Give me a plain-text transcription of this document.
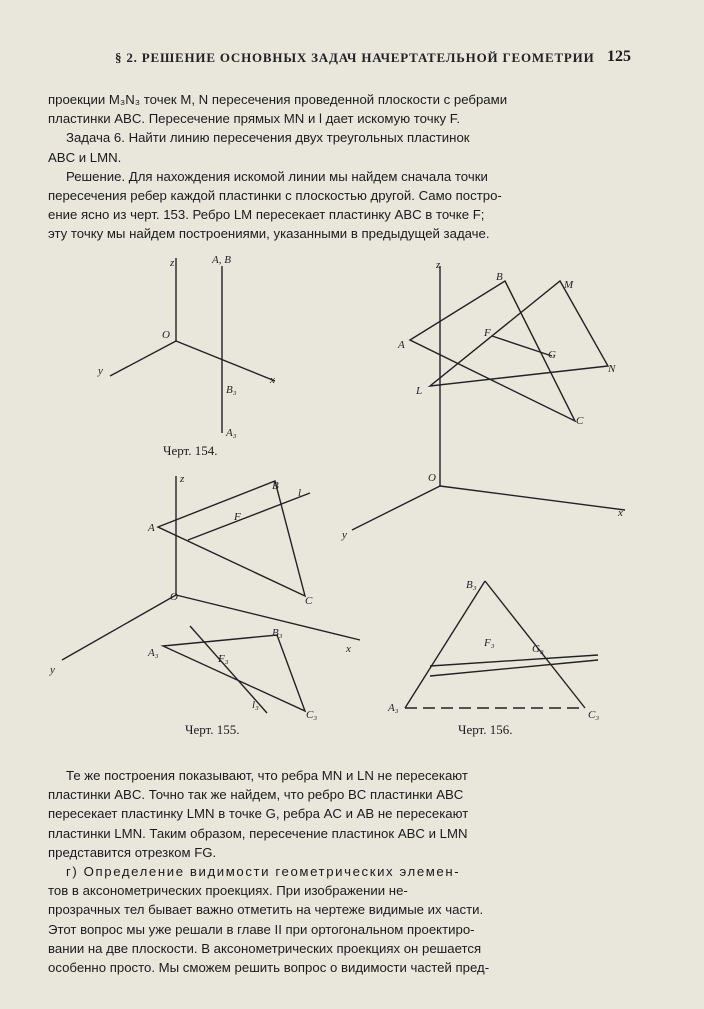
§ 2. РЕШЕНИЕ ОСНОВНЫХ ЗАДАЧ НАЧЕРТАТЕЛЬНОЙ ГЕОМЕТРИИ 125
проекции M₃N₃ точек M, N пересечения проведенной плоскости с ребрами
пластинки ABC. Пересечение прямых MN и l дает искомую точку F.
Задача 6. Найти линию пересечения двух треугольных пластинок
ABC и LMN.
Решение. Для нахождения искомой линии мы найдем сначала точки
пересечения ребер каждой пластинки с плоскостью другой. Само постро-
ение ясно из черт. 153. Ребро LM пересекает пластинку ABC в точке F;
эту точку мы найдем построениями, указанными в предыдущей задаче.
z	A, B
O
y
x
B₃
A₃
z
B
M
A
F
G
N
L
C
O
y
x
z
B
l
F
A
C
O
B₃
A₃	F₃
y
x
l₃
C₃
B₃
F₃	G₃
A₃
C₃
Черт. 154.
Черт. 155.	Черт. 156.
Те же построения показывают, что ребра MN и LN не пересекают
пластинки ABC. Точно так же найдем, что ребро BC пластинки ABC
пересекает пластинку LMN в точке G, ребра AC и AB не пересекают
пластинки LMN. Таким образом, пересечение пластинок ABC и LMN
представится отрезком FG.
г) Определение видимости геометрических элемен-
тов в аксонометрических проекциях. При изображении не-
прозрачных тел бывает важно отметить на чертеже видимые их части.
Этот вопрос мы уже решали в главе II при ортогональном проектиро-
вании на две плоскости. В аксонометрических проекциях он решается
особенно просто. Мы сможем решить вопрос о видимости частей пред-
